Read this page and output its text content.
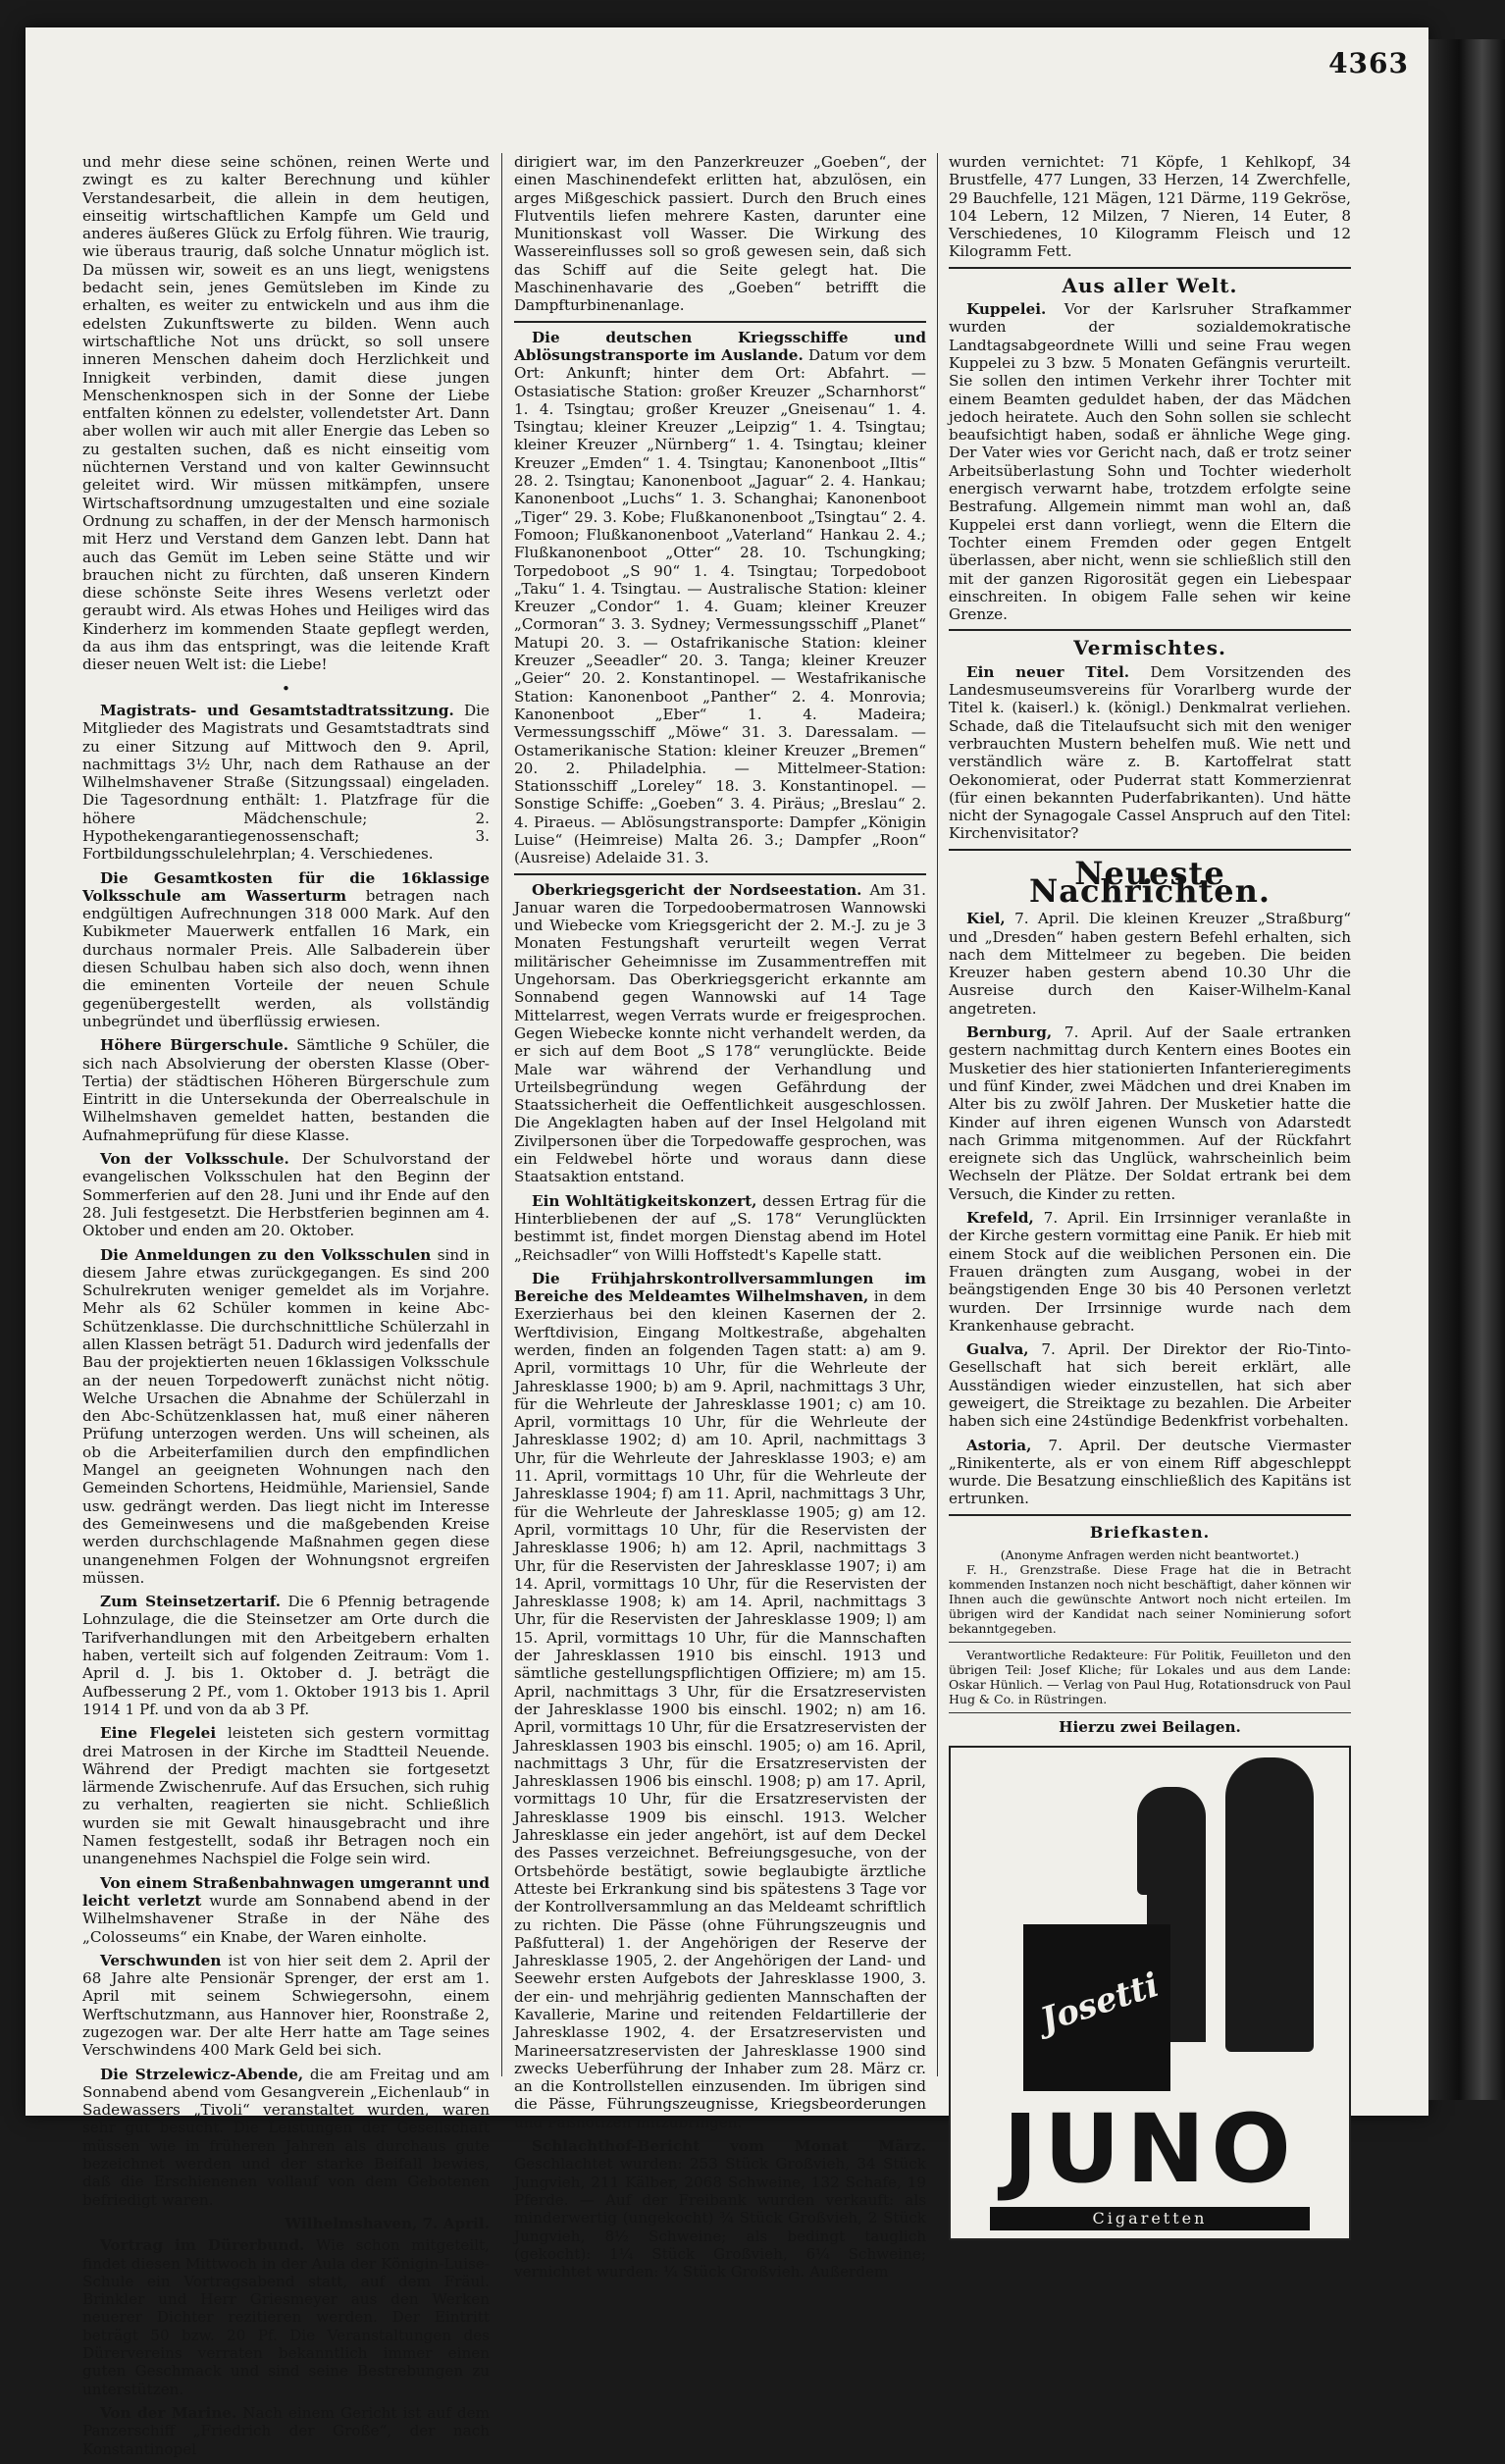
4363

und mehr diese seine schönen, reinen Werte und zwingt es zu kalter Berechnung und kühler Verstandesarbeit, die allein in dem heutigen, einseitig wirtschaftlichen Kampfe um Geld und anderes äußeres Glück zu Erfolg führen. Wie traurig, wie überaus traurig, daß solche Unnatur möglich ist. Da müssen wir, soweit es an uns liegt, wenigstens bedacht sein, jenes Gemütsleben im Kinde zu erhalten, es weiter zu entwickeln und aus ihm die edelsten Zukunftswerte zu bilden. Wenn auch wirtschaftliche Not uns drückt, so soll unsere inneren Menschen daheim doch Herzlichkeit und Innigkeit verbinden, damit diese jungen Menschenknospen sich in der Sonne der Liebe entfalten können zu edelster, vollendetster Art. Dann aber wollen wir auch mit aller Energie das Leben so zu gestalten suchen, daß es nicht einseitig vom nüchternen Verstand und von kalter Gewinnsucht geleitet wird. Wir müssen mitkämpfen, unsere Wirtschaftsordnung umzugestalten und eine soziale Ordnung zu schaffen, in der der Mensch harmonisch mit Herz und Verstand dem Ganzen lebt. Dann hat auch das Gemüt im Leben seine Stätte und wir brauchen nicht zu fürchten, daß unseren Kindern diese schönste Seite ihres Wesens verletzt oder geraubt wird. Als etwas Hohes und Heiliges wird das Kinderherz im kommenden Staate gepflegt werden, da aus ihm das entspringt, was die leitende Kraft dieser neuen Welt ist: die Liebe!

•

Magistrats- und Gesamtstadtratssitzung. Die Mitglieder des Magistrats und Gesamtstadtrats sind zu einer Sitzung auf Mittwoch den 9. April, nachmittags 3½ Uhr, nach dem Rathause an der Wilhelmshavener Straße (Sitzungssaal) eingeladen. Die Tagesordnung enthält: 1. Platzfrage für die höhere Mädchenschule; 2. Hypothekengarantiegenossenschaft; 3. Fortbildungsschulelehrplan; 4. Verschiedenes.

Die Gesamtkosten für die 16klassige Volksschule am Wasserturm betragen nach endgültigen Aufrechnungen 318 000 Mark. Auf den Kubikmeter Mauerwerk entfallen 16 Mark, ein durchaus normaler Preis. Alle Salbaderein über diesen Schulbau haben sich also doch, wenn ihnen die eminenten Vorteile der neuen Schule gegenübergestellt werden, als vollständig unbegründet und überflüssig erwiesen.

Höhere Bürgerschule. Sämtliche 9 Schüler, die sich nach Absolvierung der obersten Klasse (Ober-Tertia) der städtischen Höheren Bürgerschule zum Eintritt in die Untersekunda der Oberrealschule in Wilhelmshaven gemeldet hatten, bestanden die Aufnahmeprüfung für diese Klasse.

Von der Volksschule. Der Schulvorstand der evangelischen Volksschulen hat den Beginn der Sommerferien auf den 28. Juni und ihr Ende auf den 28. Juli festgesetzt. Die Herbstferien beginnen am 4. Oktober und enden am 20. Oktober.

Die Anmeldungen zu den Volksschulen sind in diesem Jahre etwas zurückgegangen. Es sind 200 Schulrekruten weniger gemeldet als im Vorjahre. Mehr als 62 Schüler kommen in keine Abc-Schützenklasse. Die durchschnittliche Schülerzahl in allen Klassen beträgt 51. Dadurch wird jedenfalls der Bau der projektierten neuen 16klassigen Volksschule an der neuen Torpedowerft zunächst nicht nötig. Welche Ursachen die Abnahme der Schülerzahl in den Abc-Schützenklassen hat, muß einer näheren Prüfung unterzogen werden. Uns will scheinen, als ob die Arbeiterfamilien durch den empfindlichen Mangel an geeigneten Wohnungen nach den Gemeinden Schortens, Heidmühle, Mariensiel, Sande usw. gedrängt werden. Das liegt nicht im Interesse des Gemeinwesens und die maßgebenden Kreise werden durchschlagende Maßnahmen gegen diese unangenehmen Folgen der Wohnungsnot ergreifen müssen.

Zum Steinsetzertarif. Die 6 Pfennig betragende Lohnzulage, die die Steinsetzer am Orte durch die Tarifverhandlungen mit den Arbeitgebern erhalten haben, verteilt sich auf folgenden Zeitraum: Vom 1. April d. J. bis 1. Oktober d. J. beträgt die Aufbesserung 2 Pf., vom 1. Oktober 1913 bis 1. April 1914 1 Pf. und von da ab 3 Pf.

Eine Flegelei leisteten sich gestern vormittag drei Matrosen in der Kirche im Stadtteil Neuende. Während der Predigt machten sie fortgesetzt lärmende Zwischenrufe. Auf das Ersuchen, sich ruhig zu verhalten, reagierten sie nicht. Schließlich wurden sie mit Gewalt hinausgebracht und ihre Namen festgestellt, sodaß ihr Betragen noch ein unangenehmes Nachspiel die Folge sein wird.

Von einem Straßenbahnwagen umgerannt und leicht verletzt wurde am Sonnabend abend in der Wilhelmshavener Straße in der Nähe des „Colosseums“ ein Knabe, der Waren einholte.

Verschwunden ist von hier seit dem 2. April der 68 Jahre alte Pensionär Sprenger, der erst am 1. April mit seinem Schwiegersohn, einem Werftschutzmann, aus Hannover hier, Roonstraße 2, zugezogen war. Der alte Herr hatte am Tage seines Verschwindens 400 Mark Geld bei sich.

Die Strzelewicz-Abende, die am Freitag und am Sonnabend abend vom Gesangverein „Eichenlaub“ in Sadewassers „Tivoli“ veranstaltet wurden, waren sehr gut besucht. Die Leistungen der Gesellschaft müssen wie in früheren Jahren als durchaus gute bezeichnet werden und der starke Beifall bewies, daß die Erschienenen vollauf von dem Gebotenen befriedigt waren.

Wilhelmshaven, 7. April.

Vortrag im Dürerbund. Wie schon mitgeteilt, findet diesen Mittwoch in der Aula der Königin-Luise-Schule ein Vortragsabend statt, auf dem Fräul. Brinkler und Herr Griesmeyer aus den Werken neuerer Dichter rezitieren werden. Der Eintritt beträgt 50 bzw. 20 Pf. Die Veranstaltungen des Dürervereins verraten bekanntlich immer einen guten Geschmack und sind seine Bestrebungen zu unterstützen.

Von der Marine. Nach einem Gericht ist auf dem Panzerschiff „Friedrich der Große“, der nach Konstantinopel

dirigiert war, im den Panzerkreuzer „Goeben“, der einen Maschinendefekt erlitten hat, abzulösen, ein arges Mißgeschick passiert. Durch den Bruch eines Flutventils liefen mehrere Kasten, darunter eine Munitionskast voll Wasser. Die Wirkung des Wassereinflusses soll so groß gewesen sein, daß sich das Schiff auf die Seite gelegt hat. Die Maschinenhavarie des „Goeben“ betrifft die Dampfturbinenanlage.

Die deutschen Kriegsschiffe und Ablösungstransporte im Auslande. Datum vor dem Ort: Ankunft; hinter dem Ort: Abfahrt. — Ostasiatische Station: großer Kreuzer „Scharnhorst“ 1. 4. Tsingtau; großer Kreuzer „Gneisenau“ 1. 4. Tsingtau; kleiner Kreuzer „Leipzig“ 1. 4. Tsingtau; kleiner Kreuzer „Nürnberg“ 1. 4. Tsingtau; kleiner Kreuzer „Emden“ 1. 4. Tsingtau; Kanonenboot „Iltis“ 28. 2. Tsingtau; Kanonenboot „Jaguar“ 2. 4. Hankau; Kanonenboot „Luchs“ 1. 3. Schanghai; Kanonenboot „Tiger“ 29. 3. Kobe; Flußkanonenboot „Tsingtau“ 2. 4. Fomoon; Flußkanonenboot „Vaterland“ Hankau 2. 4.; Flußkanonenboot „Otter“ 28. 10. Tschungking; Torpedoboot „S 90“ 1. 4. Tsingtau; Torpedoboot „Taku“ 1. 4. Tsingtau. — Australische Station: kleiner Kreuzer „Condor“ 1. 4. Guam; kleiner Kreuzer „Cormoran“ 3. 3. Sydney; Vermessungsschiff „Planet“ Matupi 20. 3. — Ostafrikanische Station: kleiner Kreuzer „Seeadler“ 20. 3. Tanga; kleiner Kreuzer „Geier“ 20. 2. Konstantinopel. — Westafrikanische Station: Kanonenboot „Panther“ 2. 4. Monrovia; Kanonenboot „Eber“ 1. 4. Madeira; Vermessungsschiff „Möwe“ 31. 3. Daressalam. — Ostamerikanische Station: kleiner Kreuzer „Bremen“ 20. 2. Philadelphia. — Mittelmeer-Station: Stationsschiff „Loreley“ 18. 3. Konstantinopel. — Sonstige Schiffe: „Goeben“ 3. 4. Piräus; „Breslau“ 2. 4. Piraeus. — Ablösungstransporte: Dampfer „Königin Luise“ (Heimreise) Malta 26. 3.; Dampfer „Roon“ (Ausreise) Adelaide 31. 3.

Oberkriegsgericht der Nordseestation. Am 31. Januar waren die Torpedoobermatrosen Wannowski und Wiebecke vom Kriegsgericht der 2. M.-J. zu je 3 Monaten Festungshaft verurteilt wegen Verrat militärischer Geheimnisse im Zusammentreffen mit Ungehorsam. Das Oberkriegsgericht erkannte am Sonnabend gegen Wannowski auf 14 Tage Mittelarrest, wegen Verrats wurde er freigesprochen. Gegen Wiebecke konnte nicht verhandelt werden, da er sich auf dem Boot „S 178“ verunglückte. Beide Male war während der Verhandlung und Urteilsbegründung wegen Gefährdung der Staatssicherheit die Oeffentlichkeit ausgeschlossen. Die Angeklagten haben auf der Insel Helgoland mit Zivilpersonen über die Torpedowaffe gesprochen, was ein Feldwebel hörte und woraus dann diese Staatsaktion entstand.

Ein Wohltätigkeitskonzert, dessen Ertrag für die Hinterbliebenen der auf „S. 178“ Verunglückten bestimmt ist, findet morgen Dienstag abend im Hotel „Reichsadler“ von Willi Hoffstedt's Kapelle statt.

Die Frühjahrskontrollversammlungen im Bereiche des Meldeamtes Wilhelmshaven, in dem Exerzierhaus bei den kleinen Kasernen der 2. Werftdivision, Eingang Moltkestraße, abgehalten werden, finden an folgenden Tagen statt: a) am 9. April, vormittags 10 Uhr, für die Wehrleute der Jahresklasse 1900; b) am 9. April, nachmittags 3 Uhr, für die Wehrleute der Jahresklasse 1901; c) am 10. April, vormittags 10 Uhr, für die Wehrleute der Jahresklasse 1902; d) am 10. April, nachmittags 3 Uhr, für die Wehrleute der Jahresklasse 1903; e) am 11. April, vormittags 10 Uhr, für die Wehrleute der Jahresklasse 1904; f) am 11. April, nachmittags 3 Uhr, für die Wehrleute der Jahresklasse 1905; g) am 12. April, vormittags 10 Uhr, für die Reservisten der Jahresklasse 1906; h) am 12. April, nachmittags 3 Uhr, für die Reservisten der Jahresklasse 1907; i) am 14. April, vormittags 10 Uhr, für die Reservisten der Jahresklasse 1908; k) am 14. April, nachmittags 3 Uhr, für die Reservisten der Jahresklasse 1909; l) am 15. April, vormittags 10 Uhr, für die Mannschaften der Jahresklassen 1910 bis einschl. 1913 und sämtliche gestellungspflichtigen Offiziere; m) am 15. April, nachmittags 3 Uhr, für die Ersatzreservisten der Jahresklasse 1900 bis einschl. 1902; n) am 16. April, vormittags 10 Uhr, für die Ersatzreservisten der Jahresklassen 1903 bis einschl. 1905; o) am 16. April, nachmittags 3 Uhr, für die Ersatzreservisten der Jahresklassen 1906 bis einschl. 1908; p) am 17. April, vormittags 10 Uhr, für die Ersatzreservisten der Jahresklasse 1909 bis einschl. 1913. Welcher Jahresklasse ein jeder angehört, ist auf dem Deckel des Passes verzeichnet. Befreiungsgesuche, von der Ortsbehörde bestätigt, sowie beglaubigte ärztliche Atteste bei Erkrankung sind bis spätestens 3 Tage vor der Kontrollversammlung an das Meldeamt schriftlich zu richten. Die Pässe (ohne Führungszeugnis und Paßfutteral) 1. der Angehörigen der Reserve der Jahresklasse 1905, 2. der Angehörigen der Land- und Seewehr ersten Aufgebots der Jahresklasse 1900, 3. der ein- und mehrjährig gedienten Mannschaften der Kavallerie, Marine und reitenden Feldartillerie der Jahresklasse 1902, 4. der Ersatzreservisten und Marineersatzreservisten der Jahresklasse 1900 sind zwecks Ueberführung der Inhaber zum 28. März cr. an die Kontrollstellen einzusenden. Im übrigen sind die Pässe, Führungszeugnisse, Kriegsbeorderungen und Paßnotizen mitzubringen.

Schlachthof-Bericht vom Monat März. Geschlachtet wurden: 253 Stück Großvieh, 34 Stück Jungvieh, 211 Kälber, 2068 Schweine, 132 Schafe, 19 Pferde. — Auf der Freibank wurden verkauft: als minderwertig (ungekocht) ¾ Stück Großvieh, 2 Stück Jungvieh, 8½ Schweine; als bedingt tauglich (gekocht): 1¼ Stück Großvieh, 6¼ Schweine; vernichtet wurden: ¼ Stück Großvieh. Außerdem

wurden vernichtet: 71 Köpfe, 1 Kehlkopf, 34 Brustfelle, 477 Lungen, 33 Herzen, 14 Zwerchfelle, 29 Bauchfelle, 121 Mägen, 121 Därme, 119 Gekröse, 104 Lebern, 12 Milzen, 7 Nieren, 14 Euter, 8 Verschiedenes, 10 Kilogramm Fleisch und 12 Kilogramm Fett.

Aus aller Welt.

Kuppelei. Vor der Karlsruher Strafkammer wurden der sozialdemokratische Landtagsabgeordnete Willi und seine Frau wegen Kuppelei zu 3 bzw. 5 Monaten Gefängnis verurteilt. Sie sollen den intimen Verkehr ihrer Tochter mit einem Beamten geduldet haben, der das Mädchen jedoch heiratete. Auch den Sohn sollen sie schlecht beaufsichtigt haben, sodaß er ähnliche Wege ging. Der Vater wies vor Gericht nach, daß er trotz seiner Arbeitsüberlastung Sohn und Tochter wiederholt energisch verwarnt habe, trotzdem erfolgte seine Bestrafung. Allgemein nimmt man wohl an, daß Kuppelei erst dann vorliegt, wenn die Eltern die Tochter einem Fremden oder gegen Entgelt überlassen, aber nicht, wenn sie schließlich still den mit der ganzen Rigorosität gegen ein Liebespaar einschreiten. In obigem Falle sehen wir keine Grenze.

Vermischtes.

Ein neuer Titel. Dem Vorsitzenden des Landesmuseumsvereins für Vorarlberg wurde der Titel k. (kaiserl.) k. (königl.) Denkmalrat verliehen. Schade, daß die Titelaufsucht sich mit den weniger verbrauchten Mustern behelfen muß. Wie nett und verständlich wäre z. B. Kartoffelrat statt Oekonomierat, oder Puderrat statt Kommerzienrat (für einen bekannten Puderfabrikanten). Und hätte nicht der Synagogale Cassel Anspruch auf den Titel: Kirchenvisitator?

Neueste Nachrichten.

Kiel, 7. April. Die kleinen Kreuzer „Straßburg“ und „Dresden“ haben gestern Befehl erhalten, sich nach dem Mittelmeer zu begeben. Die beiden Kreuzer haben gestern abend 10.30 Uhr die Ausreise durch den Kaiser-Wilhelm-Kanal angetreten.

Bernburg, 7. April. Auf der Saale ertranken gestern nachmittag durch Kentern eines Bootes ein Musketier des hier stationierten Infanterieregiments und fünf Kinder, zwei Mädchen und drei Knaben im Alter bis zu zwölf Jahren. Der Musketier hatte die Kinder auf ihren eigenen Wunsch von Adarstedt nach Grimma mitgenommen. Auf der Rückfahrt ereignete sich das Unglück, wahrscheinlich beim Wechseln der Plätze. Der Soldat ertrank bei dem Versuch, die Kinder zu retten.

Krefeld, 7. April. Ein Irrsinniger veranlaßte in der Kirche gestern vormittag eine Panik. Er hieb mit einem Stock auf die weiblichen Personen ein. Die Frauen drängten zum Ausgang, wobei in der beängstigenden Enge 30 bis 40 Personen verletzt wurden. Der Irrsinnige wurde nach dem Krankenhause gebracht.

Gualva, 7. April. Der Direktor der Rio-Tinto-Gesellschaft hat sich bereit erklärt, alle Ausständigen wieder einzustellen, hat sich aber geweigert, die Streiktage zu bezahlen. Die Arbeiter haben sich eine 24stündige Bedenkfrist vorbehalten.

Astoria, 7. April. Der deutsche Viermaster „Rinikenterte, als er von einem Riff abgeschleppt wurde. Die Besatzung einschließlich des Kapitäns ist ertrunken.

Briefkasten.
(Anonyme Anfragen werden nicht beantwortet.)

F. H., Grenzstraße. Diese Frage hat die in Betracht kommenden Instanzen noch nicht beschäftigt, daher können wir Ihnen auch die gewünschte Antwort noch nicht erteilen. Im übrigen wird der Kandidat nach seiner Nominierung sofort bekanntgegeben.

Verantwortliche Redakteure: Für Politik, Feuilleton und den übrigen Teil: Josef Kliche; für Lokales und aus dem Lande: Oskar Hünlich. — Verlag von Paul Hug, Rotationsdruck von Paul Hug & Co. in Rüstringen.

Hierzu zwei Beilagen.
Josetti
JUNO
Cigaretten
